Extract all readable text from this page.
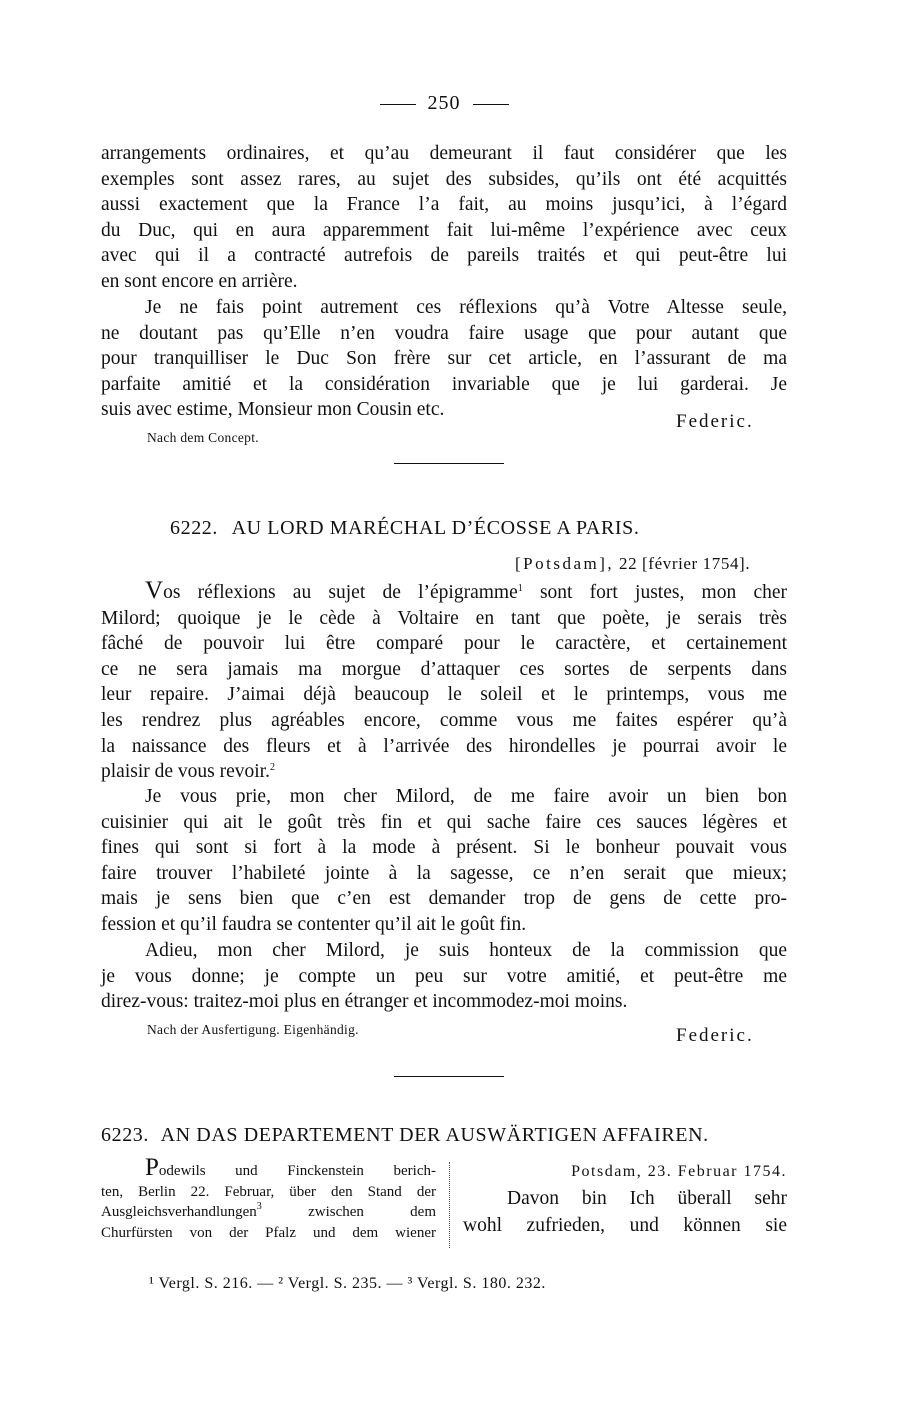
250
arrangements ordinaires, et qu’au demeurant il faut considérer que les
exemples sont assez rares, au sujet des subsides, qu’ils ont été acquittés
aussi exactement que la France l’a fait, au moins jusqu’ici, à l’égard
du Duc, qui en aura apparemment fait lui-même l’expérience avec ceux
avec qui il a contracté autrefois de pareils traités et qui peut-être lui
en sont encore en arrière.
Je ne fais point autrement ces réflexions qu’à Votre Altesse seule,
ne doutant pas qu’Elle n’en voudra faire usage que pour autant que
pour tranquilliser le Duc Son frère sur cet article, en l’assurant de ma
parfaite amitié et la considération invariable que je lui garderai. Je
suis avec estime, Monsieur mon Cousin etc.
Federic.
Nach dem Concept.
6222. AU LORD MARÉCHAL D’ÉCOSSE A PARIS.
[Potsdam], 22 [février 1754].
Vos réflexions au sujet de l’épigramme$^1$ sont fort justes, mon cher
Milord; quoique je le cède à Voltaire en tant que poète, je serais très
fâché de pouvoir lui être comparé pour le caractère, et certainement
ce ne sera jamais ma morgue d’attaquer ces sortes de serpents dans
leur repaire. J’aimai déjà beaucoup le soleil et le printemps, vous me
les rendrez plus agréables encore, comme vous me faites espérer qu’à
la naissance des fleurs et à l’arrivée des hirondelles je pourrai avoir le
plaisir de vous revoir.$^2$
Je vous prie, mon cher Milord, de me faire avoir un bien bon
cuisinier qui ait le goût très fin et qui sache faire ces sauces légères et
fines qui sont si fort à la mode à présent. Si le bonheur pouvait vous
faire trouver l’habileté jointe à la sagesse, ce n’en serait que mieux;
mais je sens bien que c’en est demander trop de gens de cette pro-
fession et qu’il faudra se contenter qu’il ait le goût fin.
Adieu, mon cher Milord, je suis honteux de la commission que
je vous donne; je compte un peu sur votre amitié, et peut-être me
direz-vous: traitez-moi plus en étranger et incommodez-moi moins.
Nach der Ausfertigung. Eigenhändig.	Federic.
6223. AN DAS DEPARTEMENT DER AUSWÄRTIGEN AFFAIREN.
Podewils und Finckenstein berich-
ten, Berlin 22. Februar, über den Stand der
Ausgleichsverhandlungen$^3$	zwischen dem
Churfürsten von der Pfalz und dem wiener
Potsdam, 23. Februar 1754.
Davon bin Ich überall sehr
wohl zufrieden, und können sie
¹ Vergl. S. 216. — ² Vergl. S. 235. — ³ Vergl. S. 180. 232.
